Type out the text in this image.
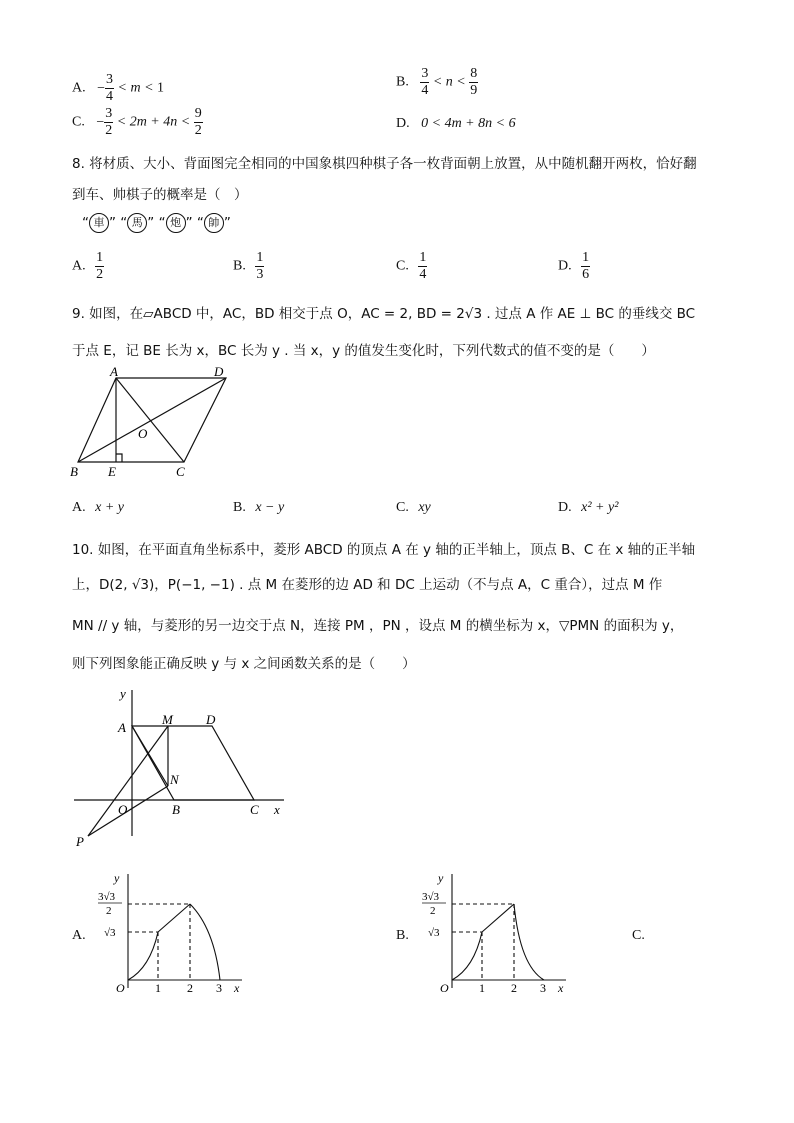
A. − $\frac{3}{4} < m < 1$	B. $\frac{3}{4} < n < \frac{8}{9}$
C. − $\frac{3}{2} < 2m + 4n < \frac{9}{2}$	D. 0 < 4m + 8n < 6
8. 将材质、大小、背面图完全相同的中国象棋四种棋子各一枚背面朝上放置，从中随机翻开两枚，恰好翻
到车、帅棋子的概率是（　）
“ 車 ” “ 馬 ” “ 炮 ” “ 帥 ”
A. $\frac{1}{2}$	B. $\frac{1}{3}$	C. $\frac{1}{4}$	D. $\frac{1}{6}$
9. 如图，在▱ABCD 中，AC，BD 相交于点 O，AC = 2, BD = 2√3 . 过点 A 作 AE ⊥ BC 的垂线交 BC
于点 E，记 BE 长为 x，BC 长为 y . 当 x，y 的值发生变化时，下列代数式的值不变的是（　　）
A	D
O
B E	C
A. x + y	B. x − y	C. xy	D. x² + y²
10. 如图，在平面直角坐标系中，菱形 ABCD 的顶点 A 在 y 轴的正半轴上，顶点 B、C 在 x 轴的正半轴
上，D(2, √3)，P(−1, −1) . 点 M 在菱形的边 AD 和 DC 上运动（不与点 A，C 重合），过点 M 作
MN // y 轴，与菱形的另一边交于点 N，连接 PM ，PN ，设点 M 的横坐标为 x，▽PMN 的面积为 y，
则下列图象能正确反映 y 与 x 之间函数关系的是（　　）
y
A
M	D
N
O	B	C x
P
A.
y
x
O	1 2 3
3√3
2
√3	B.
y
x
O	1 2 3
3√3
2
√3	C.
